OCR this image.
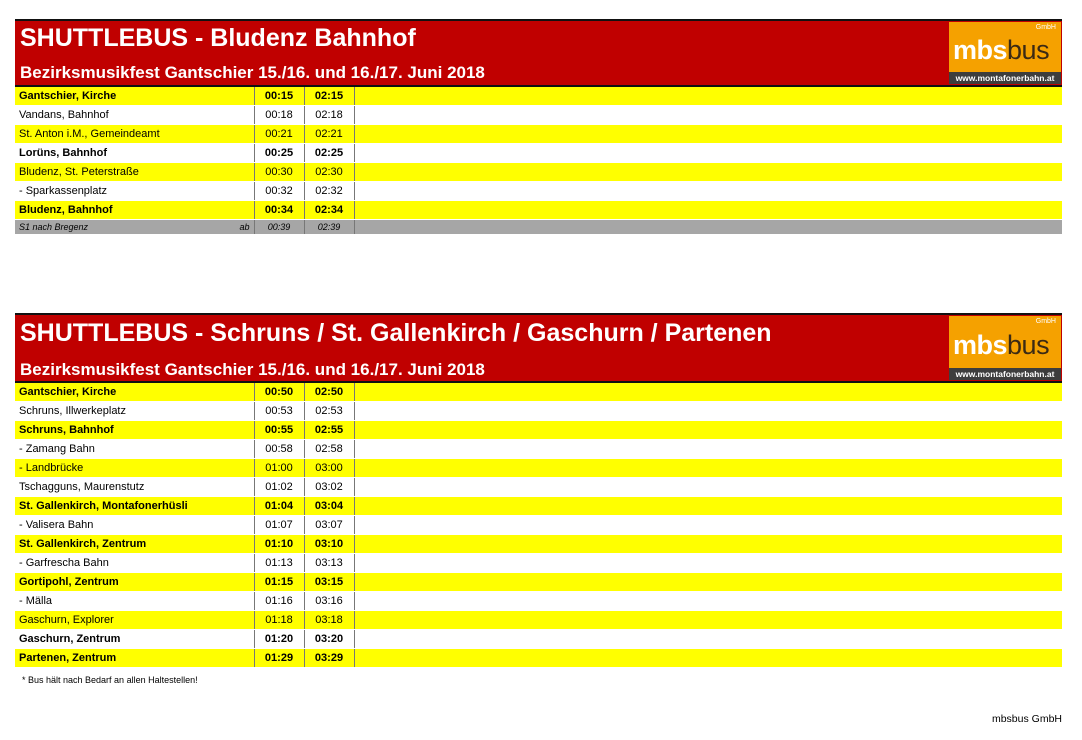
SHUTTLEBUS - Bludenz Bahnhof
Bezirksmusikfest Gantschier 15./16. und 16./17. Juni 2018
GmbH
mbsbus
www.montafonerbahn.at
Gantschier, Kirche	00:15	02:15	
Vandans, Bahnhof	00:18	02:18	
St. Anton i.M., Gemeindeamt	00:21	02:21	
Lorüns, Bahnhof	00:25	02:25	
Bludenz, St. Peterstraße	00:30	02:30	
- Sparkassenplatz	00:32	02:32	
Bludenz, Bahnhof	00:34	02:34	
S1 nach Bregenz ab	00:39	02:39	
SHUTTLEBUS - Schruns / St. Gallenkirch / Gaschurn / Partenen
Bezirksmusikfest Gantschier 15./16. und 16./17. Juni 2018
GmbH
mbsbus
www.montafonerbahn.at
Gantschier, Kirche	00:50	02:50	
Schruns, Illwerkeplatz	00:53	02:53	
Schruns, Bahnhof	00:55	02:55	
- Zamang Bahn	00:58	02:58	
- Landbrücke	01:00	03:00	
Tschagguns, Maurenstutz	01:02	03:02	
St. Gallenkirch, Montafonerhüsli	01:04	03:04	
- Valisera Bahn	01:07	03:07	
St. Gallenkirch, Zentrum	01:10	03:10	
- Garfrescha Bahn	01:13	03:13	
Gortipohl, Zentrum	01:15	03:15	
- Mälla	01:16	03:16	
Gaschurn, Explorer	01:18	03:18	
Gaschurn, Zentrum	01:20	03:20	
Partenen, Zentrum	01:29	03:29	
* Bus hält nach Bedarf an allen Haltestellen!
mbsbus GmbH
